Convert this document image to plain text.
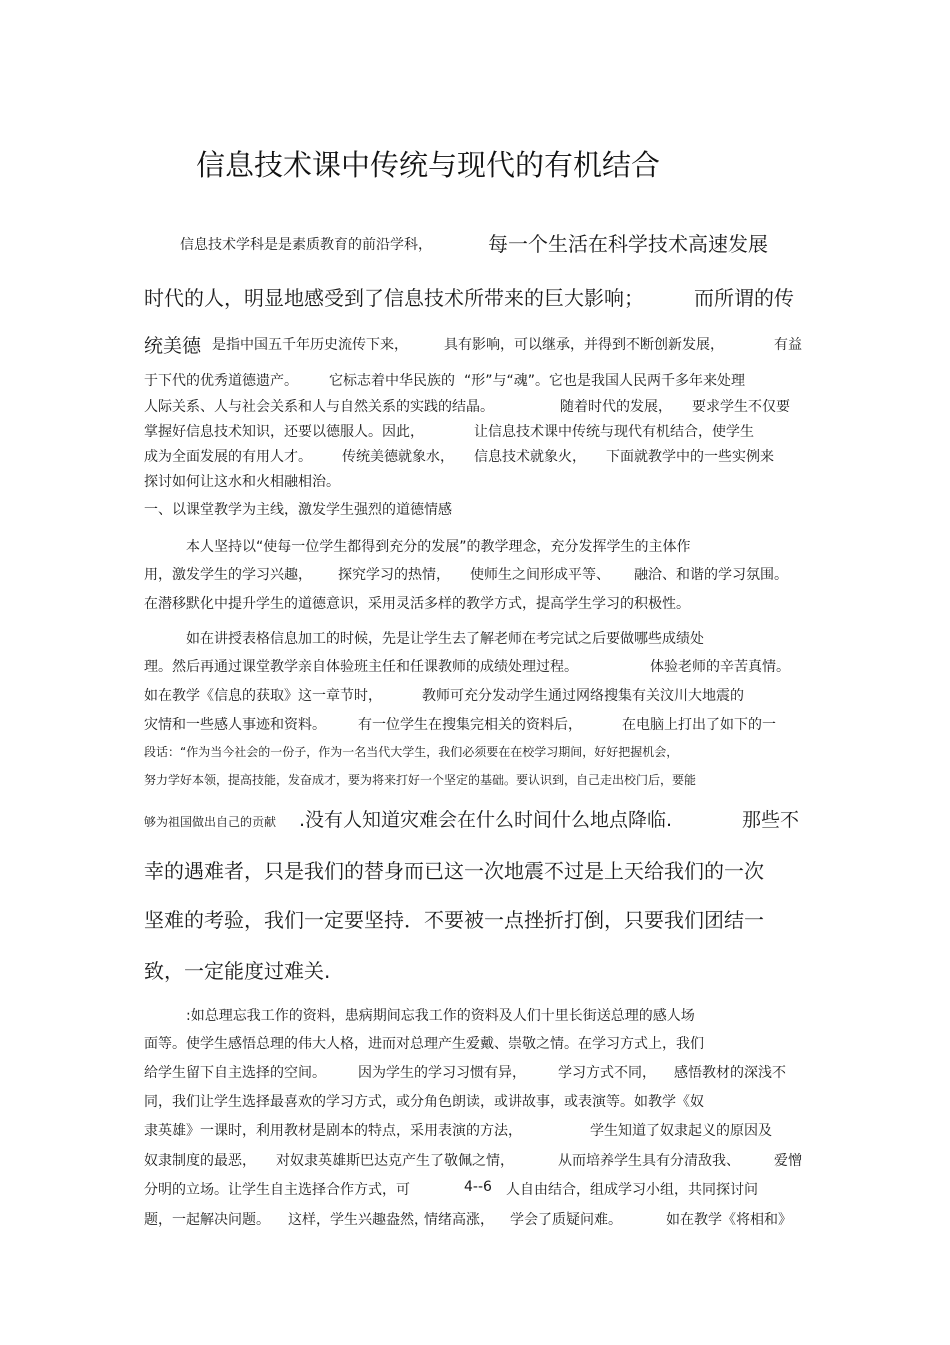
信息技术课中传统与现代的有机结合
信息技术学科是是素质教育的前沿学科，	每一个生活在科学技术高速发展
时代的人，明显地感受到了信息技术所带来的巨大影响；	而所谓的传
统美德 是指中国五千年历史流传下来，	具有影响，可以继承，并得到不断创新发展，	有益
于下代的优秀道德遗产。 它标志着中华民族的 “形”与“魂”。它也是我国人民两千多年来处理
人际关系、人与社会关系和人与自然关系的实践的结晶。	随着时代的发展， 要求学生不仅要
掌握好信息技术知识，还要以德服人。因此，	让信息技术课中传统与现代有机结合，使学生
成为全面发展的有用人才。 传统美德就象水， 信息技术就象火， 下面就教学中的一些实例来
探讨如何让这水和火相融相治。
一、以课堂教学为主线，激发学生强烈的道德情感
本人坚持以“使每一位学生都得到充分的发展”的教学理念，充分发挥学生的主体作
用，激发学生的学习兴趣， 探究学习的热情， 使师生之间形成平等、 融洽、和谐的学习氛围。
在潜移默化中提升学生的道德意识，采用灵活多样的教学方式，提高学生学习的积极性。
如在讲授表格信息加工的时候，先是让学生去了解老师在考完试之后要做哪些成绩处
理。然后再通过课堂教学亲自体验班主任和任课教师的成绩处理过程。	体验老师的辛苦真情。
如在教学《信息的获取》这一章节时，	教师可充分发动学生通过网络搜集有关汶川大地震的
灾情和一些感人事迹和资料。 有一位学生在搜集完相关的资料后，	在电脑上打出了如下的一
段话：“作为当今社会的一份子，作为一名当代大学生，我们必须要在在校学习期间，好好把握机会，
努力学好本领，提高技能，发奋成才，要为将来打好一个坚定的基础。要认识到，自己走出校门后，要能
够为祖国做出自己的贡献 .没有人知道灾难会在什么时间什么地点降临.	那些不
幸的遇难者，只是我们的替身而已这一次地震不过是上天给我们的一次
坚难的考验，我们一定要坚持．不要被一点挫折打倒，只要我们团结一
致，一定能度过难关.
:如总理忘我工作的资料，患病期间忘我工作的资料及人们十里长街送总理的感人场
面等。使学生感悟总理的伟大人格，进而对总理产生爱戴、崇敬之情。在学习方式上，我们
给学生留下自主选择的空间。 因为学生的学习习惯有异， 学习方式不同， 感悟教材的深浅不
同，我们让学生选择最喜欢的学习方式，或分角色朗读，或讲故事，或表演等。如教学《奴
隶英雄》一课时，利用教材是剧本的特点，采用表演的方法，	学生知道了奴隶起义的原因及
奴隶制度的最恶， 对奴隶英雄斯巴达克产生了敬佩之情，	从而培养学生具有分清敌我、 爱憎
分明的立场。让学生自主选择合作方式，可	4--6 人自由结合，组成学习小组，共同探讨问
题，一起解决问题。 这样，学生兴趣盎然，
情绪高涨， 学会了质疑问难。	如在教学《将相和》
